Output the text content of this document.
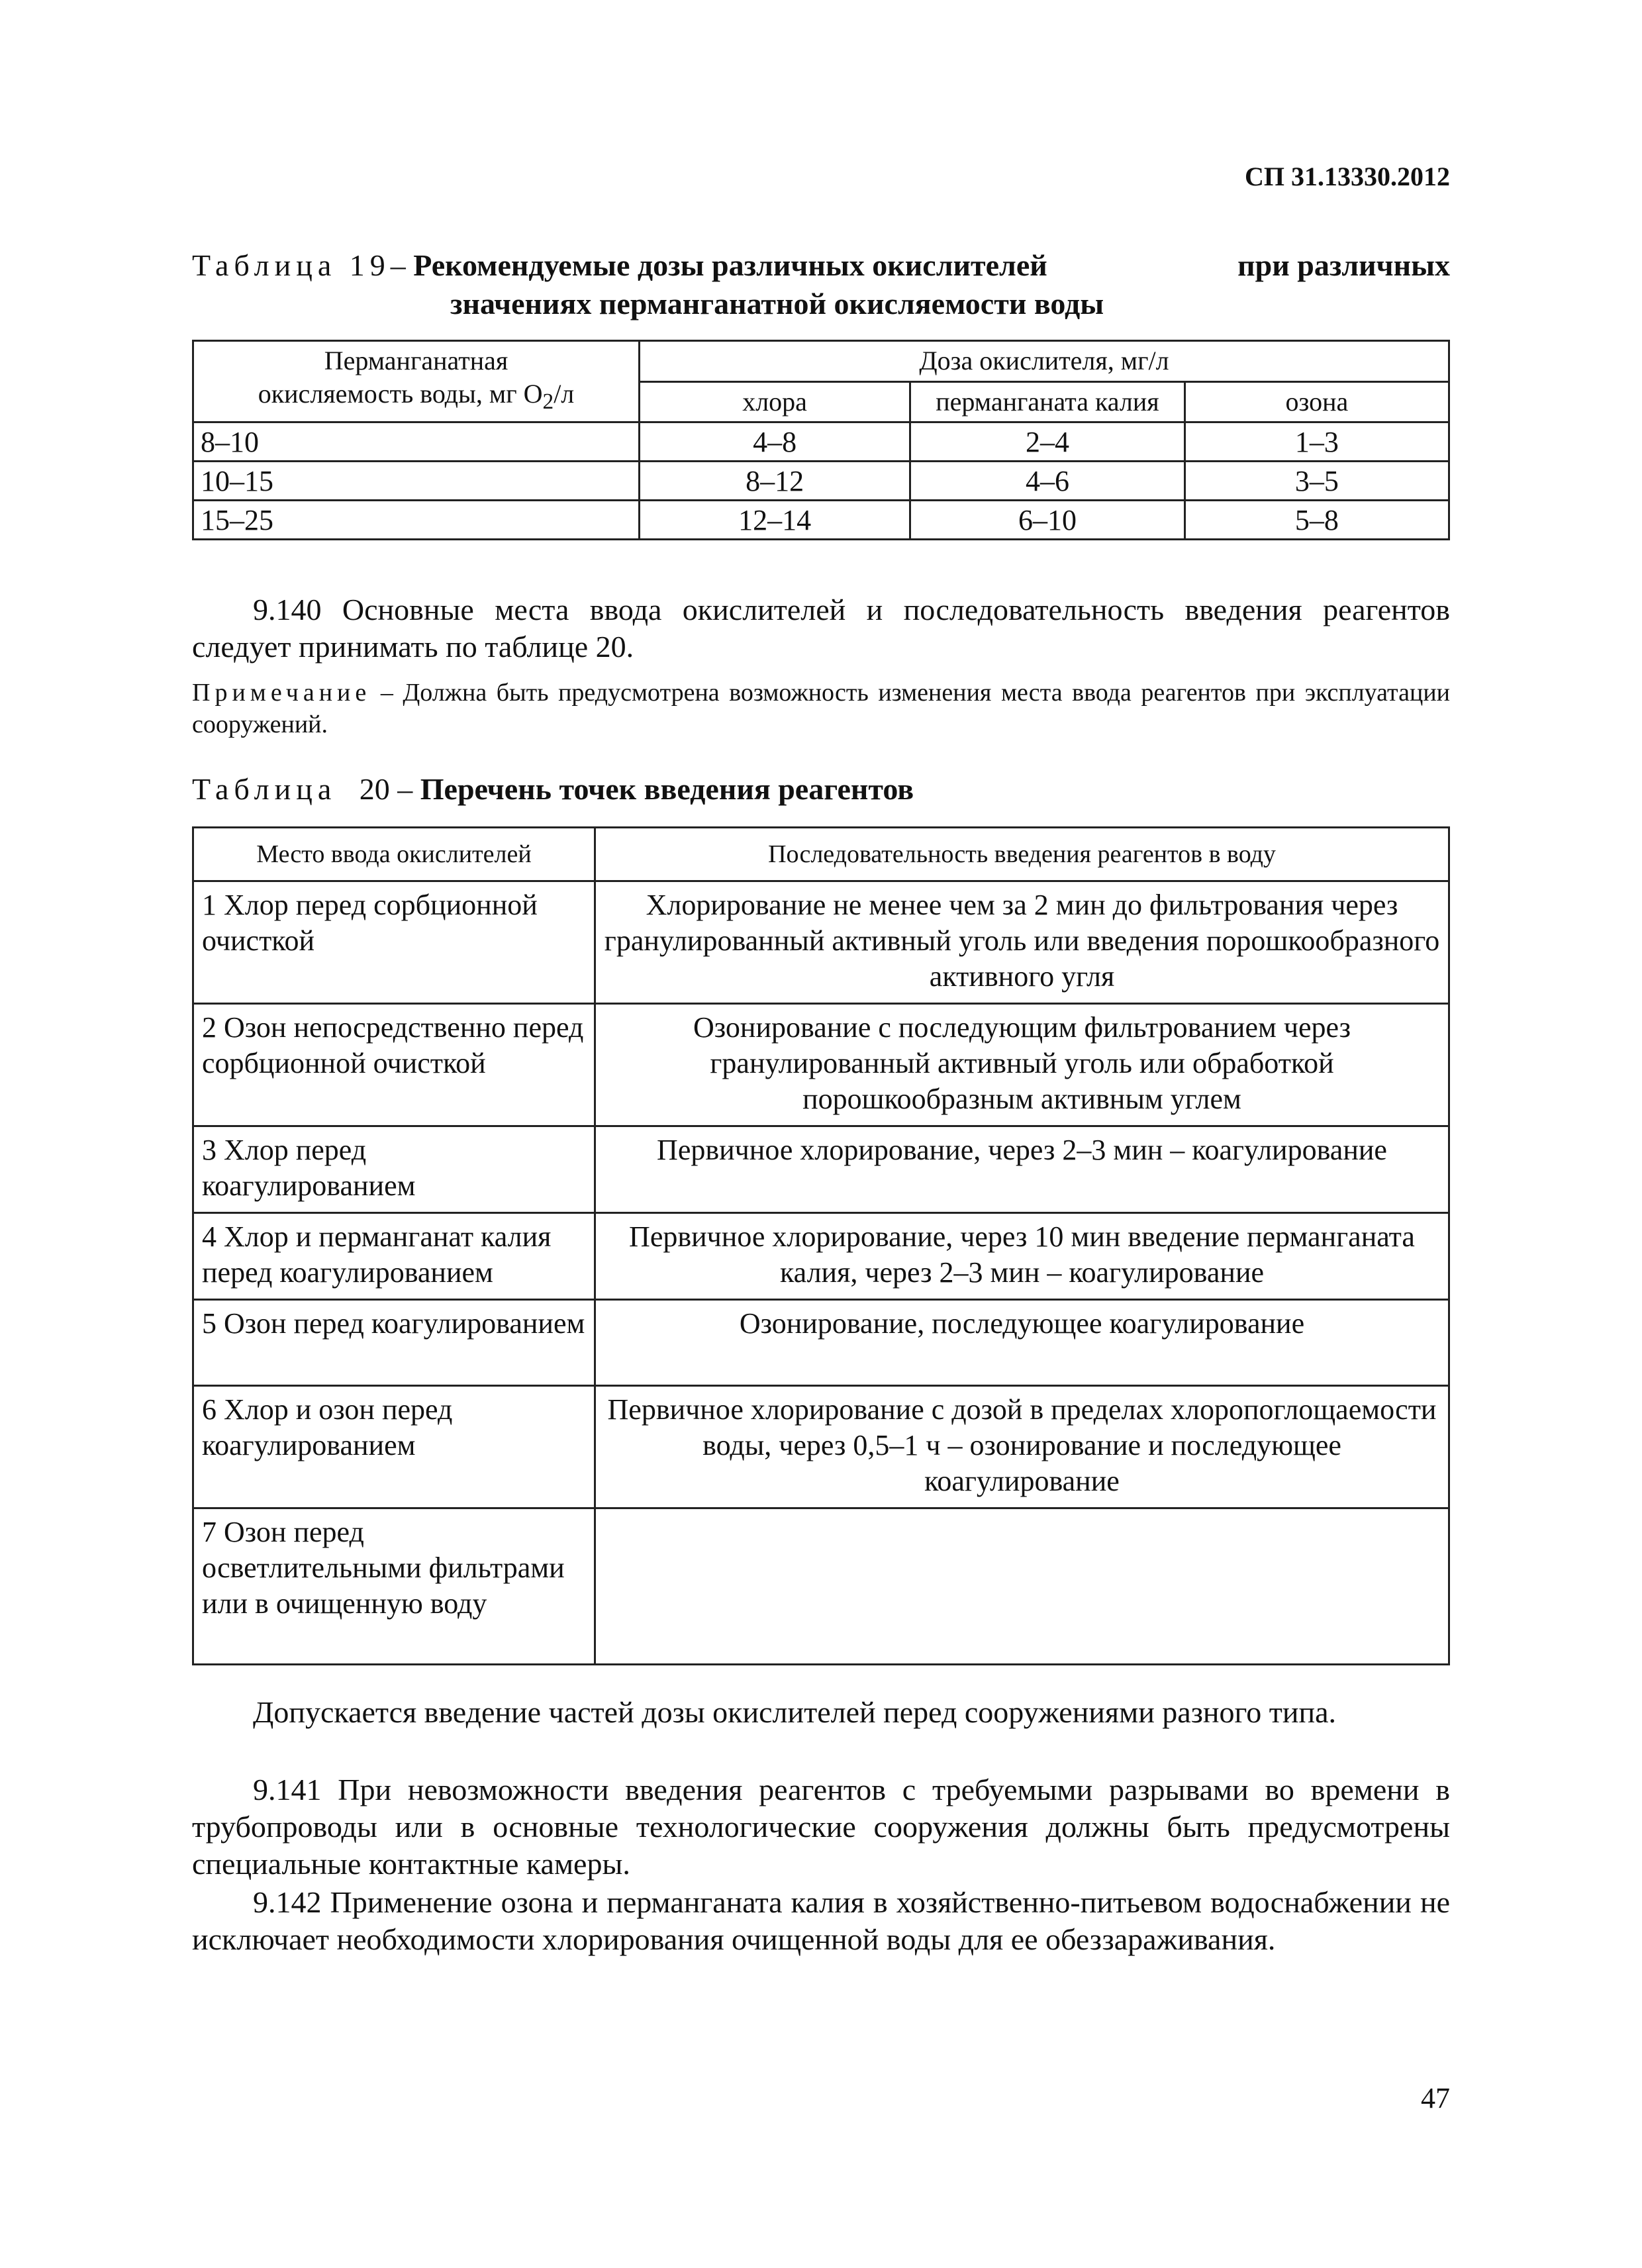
СП 31.13330.2012
Таблица 19– Рекомендуемые дозы различных окислителей	при различных
значениях перманганатной окисляемости воды
Перманганатная
окисляемость воды, мг $O_2/л$	Доза окислителя, мг/л		
	хлора	перманганата калия	озона
8–10	4–8	2–4	1–3
10–15	8–12	4–6	3–5
15–25	12–14	6–10	5–8
9.140 Основные места ввода окислителей и последовательность введения реагентов следует принимать по таблице 20.
Примечание – Должна быть предусмотрена возможность изменения места ввода реагентов при эксплуатации сооружений.
Таблица 20 – Перечень точек введения реагентов
Место ввода окислителей	Последовательность введения реагентов в воду
1 Хлор перед сорбционной очисткой	Хлорирование не менее чем за 2 мин до фильтрования через гранулированный активный уголь или введения порошкообразного активного угля
2 Озон непосредственно перед сорбционной очисткой	Озонирование с последующим фильтрованием через гранулированный активный уголь или обработкой порошкообразным активным углем
3 Хлор перед коагулированием	Первичное хлорирование, через 2–3 мин – коагулирование
4 Хлор и перманганат калия перед коагулированием	Первичное хлорирование, через 10 мин введение перманганата калия, через 2–3 мин – коагулирование
5 Озон перед коагулированием	Озонирование, последующее коагулирование
6 Хлор и озон перед коагулированием	Первичное хлорирование с дозой в пределах хлоропоглощаемости воды, через 0,5–1 ч – озонирование и последующее коагулирование
7 Озон перед осветлительными фильтрами или в очищенную воду	
Допускается введение частей дозы окислителей перед сооружениями разного типа.
9.141 При невозможности введения реагентов с требуемыми разрывами во времени в трубопроводы или в основные технологические сооружения должны быть предусмотрены специальные контактные камеры.
9.142 Применение озона и перманганата калия в хозяйственно-питьевом водоснабжении не исключает необходимости хлорирования очищенной воды для ее обеззараживания.
47
